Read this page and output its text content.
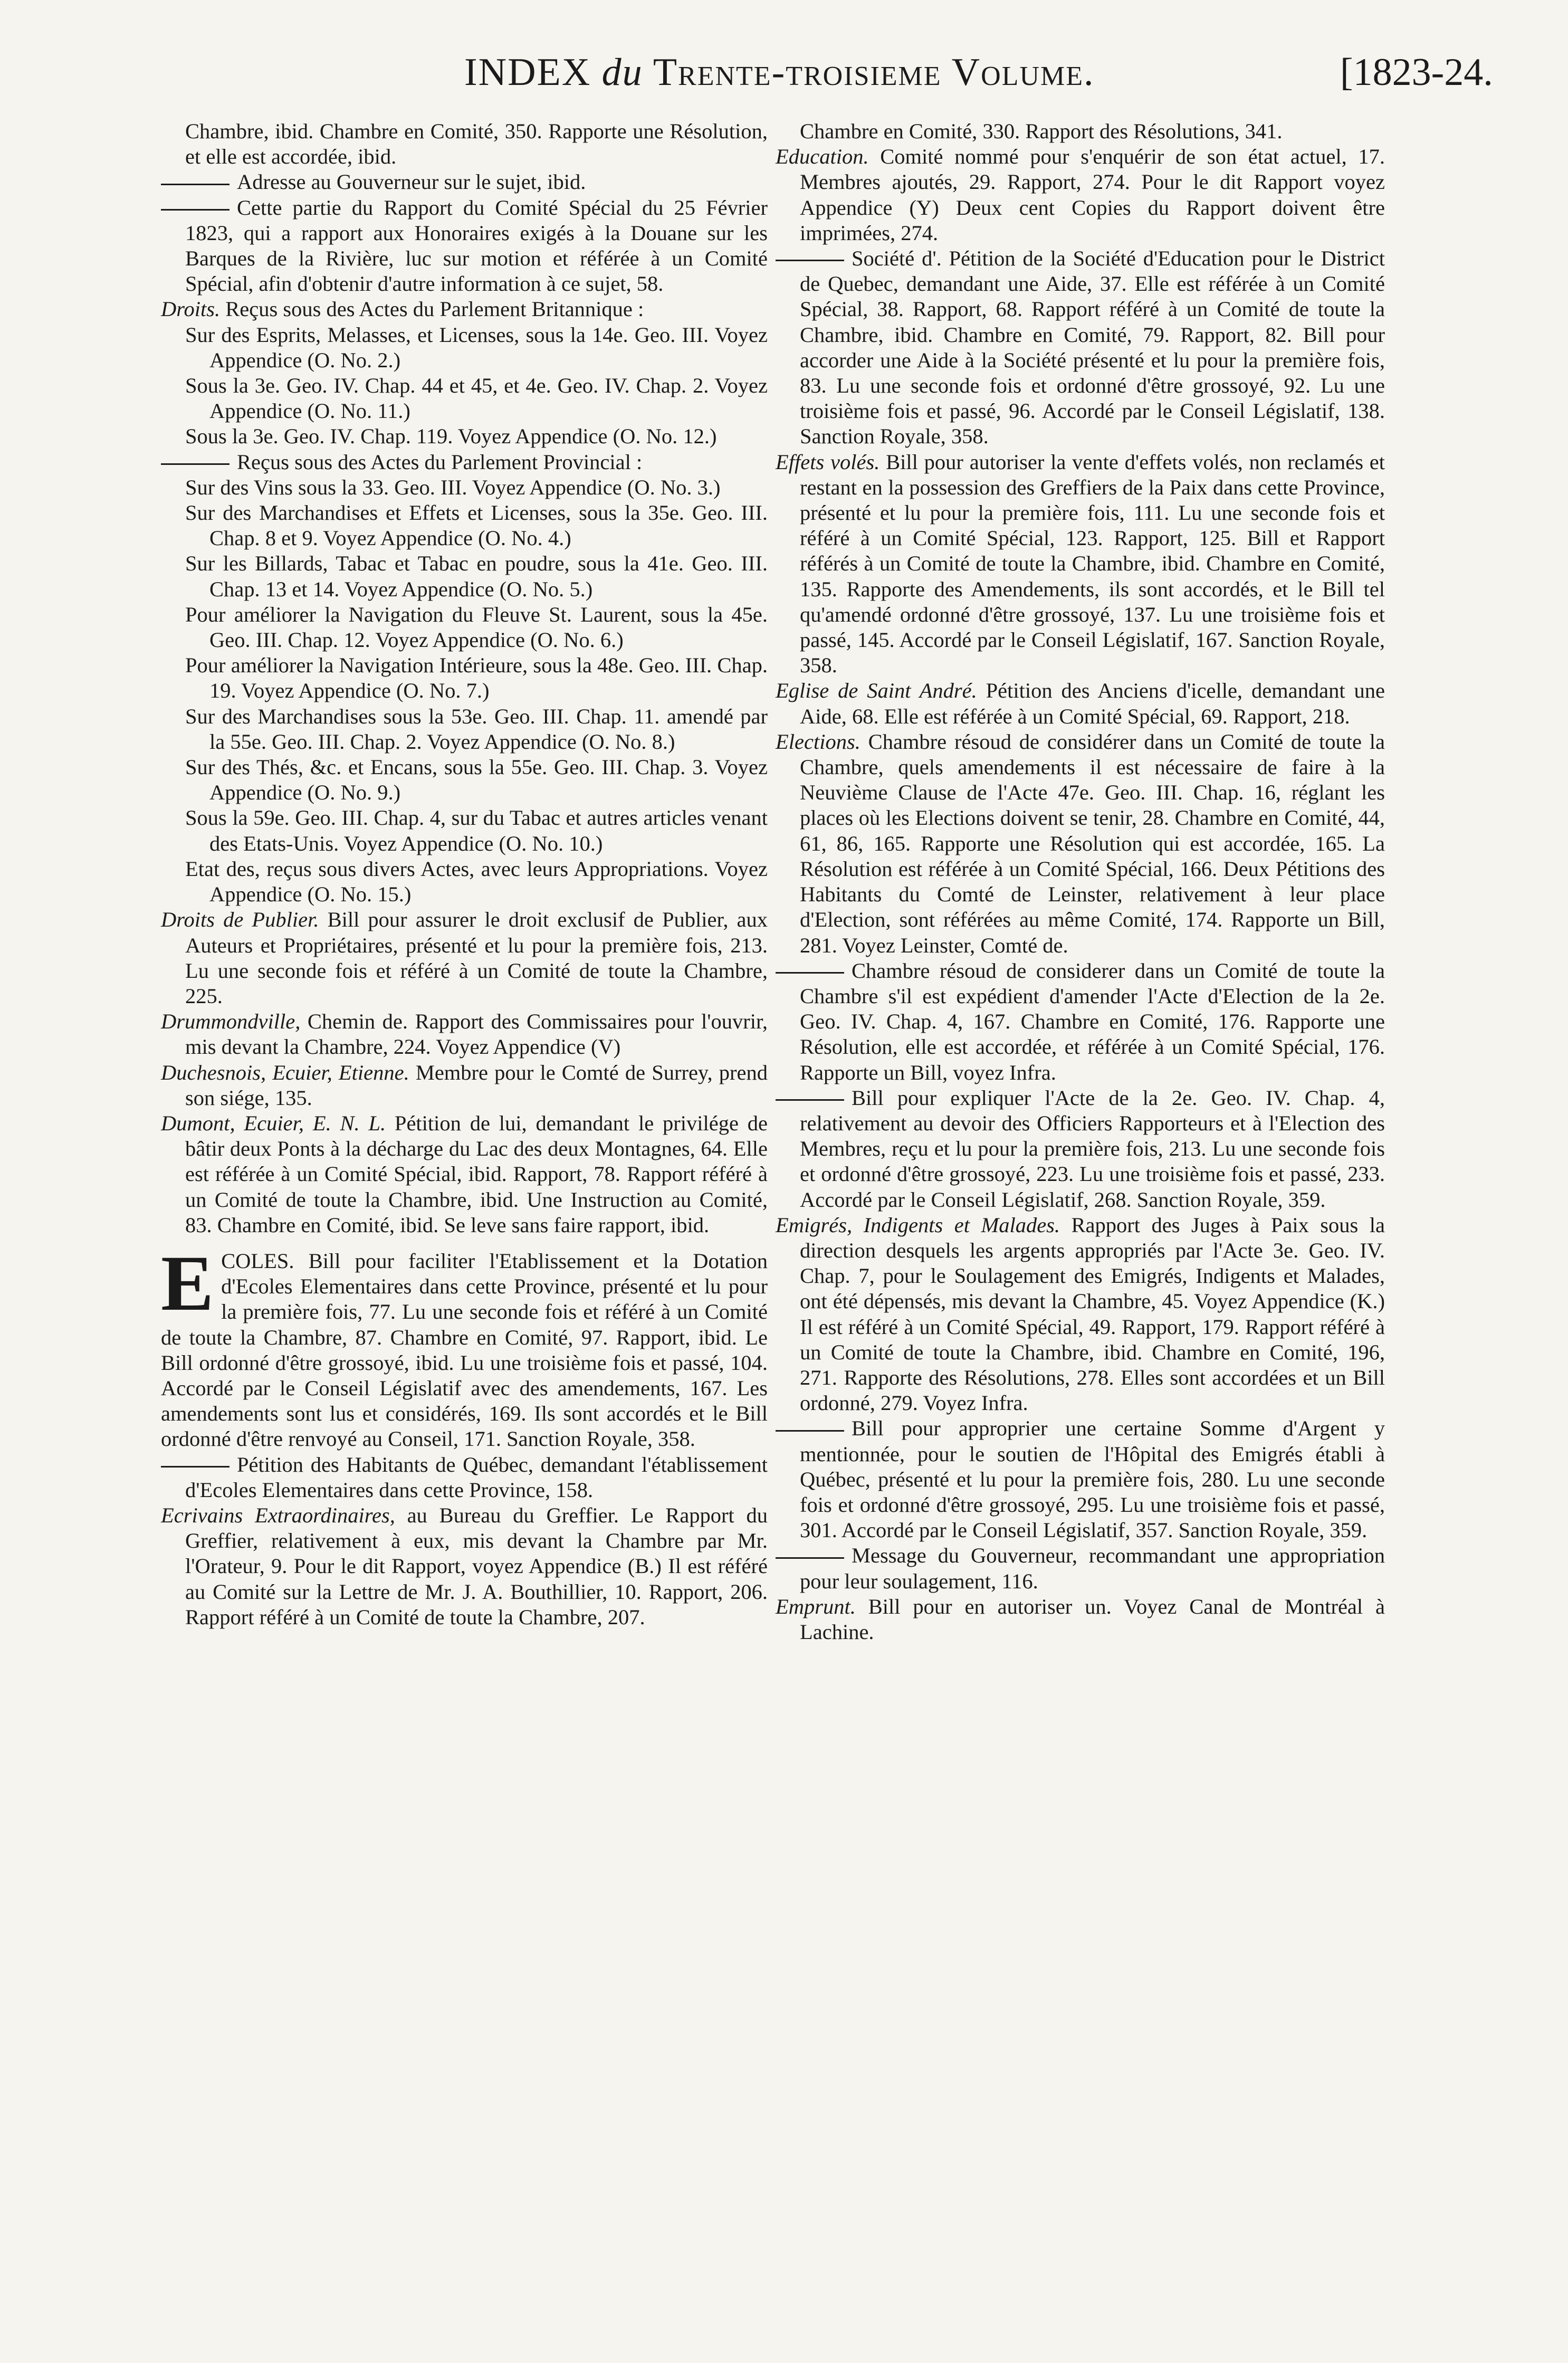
INDEX du Trente-troisieme Volume.	[1823-24.

Chambre, ibid. Chambre en Comité, 350. Rapporte une Résolution, et elle est accordée, ibid.

Adresse au Gouverneur sur le sujet, ibid.

Cette partie du Rapport du Comité Spécial du 25 Février 1823, qui a rapport aux Honoraires exigés à la Douane sur les Barques de la Rivière, luc sur motion et référée à un Comité Spécial, afin d'obtenir d'autre information à ce sujet, 58.

Droits. Reçus sous des Actes du Parlement Britannique :

Sur des Esprits, Melasses, et Licenses, sous la 14e. Geo. III. Voyez Appendice (O. No. 2.)

Sous la 3e. Geo. IV. Chap. 44 et 45, et 4e. Geo. IV. Chap. 2. Voyez Appendice (O. No. 11.)

Sous la 3e. Geo. IV. Chap. 119. Voyez Appendice (O. No. 12.)

Reçus sous des Actes du Parlement Provincial :

Sur des Vins sous la 33. Geo. III. Voyez Appendice (O. No. 3.)

Sur des Marchandises et Effets et Licenses, sous la 35e. Geo. III. Chap. 8 et 9. Voyez Appendice (O. No. 4.)

Sur les Billards, Tabac et Tabac en poudre, sous la 41e. Geo. III. Chap. 13 et 14. Voyez Appendice (O. No. 5.)

Pour améliorer la Navigation du Fleuve St. Laurent, sous la 45e. Geo. III. Chap. 12. Voyez Appendice (O. No. 6.)

Pour améliorer la Navigation Intérieure, sous la 48e. Geo. III. Chap. 19. Voyez Appendice (O. No. 7.)

Sur des Marchandises sous la 53e. Geo. III. Chap. 11. amendé par la 55e. Geo. III. Chap. 2. Voyez Appendice (O. No. 8.)

Sur des Thés, &c. et Encans, sous la 55e. Geo. III. Chap. 3. Voyez Appendice (O. No. 9.)

Sous la 59e. Geo. III. Chap. 4, sur du Tabac et autres articles venant des Etats-Unis. Voyez Appendice (O. No. 10.)

Etat des, reçus sous divers Actes, avec leurs Appropriations. Voyez Appendice (O. No. 15.)

Droits de Publier. Bill pour assurer le droit exclusif de Publier, aux Auteurs et Propriétaires, présenté et lu pour la première fois, 213. Lu une seconde fois et référé à un Comité de toute la Chambre, 225.

Drummondville, Chemin de. Rapport des Commissaires pour l'ouvrir, mis devant la Chambre, 224. Voyez Appendice (V)

Duchesnois, Ecuier, Etienne. Membre pour le Comté de Surrey, prend son siége, 135.

Dumont, Ecuier, E. N. L. Pétition de lui, demandant le privilége de bâtir deux Ponts à la décharge du Lac des deux Montagnes, 64. Elle est référée à un Comité Spécial, ibid. Rapport, 78. Rapport référé à un Comité de toute la Chambre, ibid. Une Instruction au Comité, 83. Chambre en Comité, ibid. Se leve sans faire rapport, ibid.

E COLES. Bill pour faciliter l'Etablissement et la Dotation d'Ecoles Elementaires dans cette Province, présenté et lu pour la première fois, 77. Lu une seconde fois et référé à un Comité de toute la Chambre, 87. Chambre en Comité, 97. Rapport, ibid. Le Bill ordonné d'être grossoyé, ibid. Lu une troisième fois et passé, 104. Accordé par le Conseil Législatif avec des amendements, 167. Les amendements sont lus et considérés, 169. Ils sont accordés et le Bill ordonné d'être renvoyé au Conseil, 171. Sanction Royale, 358.

Pétition des Habitants de Québec, demandant l'établissement d'Ecoles Elementaires dans cette Province, 158.

Ecrivains Extraordinaires, au Bureau du Greffier. Le Rapport du Greffier, relativement à eux, mis devant la Chambre par Mr. l'Orateur, 9. Pour le dit Rapport, voyez Appendice (B.) Il est référé au Comité sur la Lettre de Mr. J. A. Bouthillier, 10. Rapport, 206. Rapport référé à un Comité de toute la Chambre, 207.

Chambre en Comité, 330. Rapport des Résolutions, 341.

Education. Comité nommé pour s'enquérir de son état actuel, 17. Membres ajoutés, 29. Rapport, 274. Pour le dit Rapport voyez Appendice (Y) Deux cent Copies du Rapport doivent être imprimées, 274.

Société d'. Pétition de la Société d'Education pour le District de Quebec, demandant une Aide, 37. Elle est référée à un Comité Spécial, 38. Rapport, 68. Rapport référé à un Comité de toute la Chambre, ibid. Chambre en Comité, 79. Rapport, 82. Bill pour accorder une Aide à la Société présenté et lu pour la première fois, 83. Lu une seconde fois et ordonné d'être grossoyé, 92. Lu une troisième fois et passé, 96. Accordé par le Conseil Législatif, 138. Sanction Royale, 358.

Effets volés. Bill pour autoriser la vente d'effets volés, non reclamés et restant en la possession des Greffiers de la Paix dans cette Province, présenté et lu pour la première fois, 111. Lu une seconde fois et référé à un Comité Spécial, 123. Rapport, 125. Bill et Rapport référés à un Comité de toute la Chambre, ibid. Chambre en Comité, 135. Rapporte des Amendements, ils sont accordés, et le Bill tel qu'amendé ordonné d'être grossoyé, 137. Lu une troisième fois et passé, 145. Accordé par le Conseil Législatif, 167. Sanction Royale, 358.

Eglise de Saint André. Pétition des Anciens d'icelle, demandant une Aide, 68. Elle est référée à un Comité Spécial, 69. Rapport, 218.

Elections. Chambre résoud de considérer dans un Comité de toute la Chambre, quels amendements il est nécessaire de faire à la Neuvième Clause de l'Acte 47e. Geo. III. Chap. 16, réglant les places où les Elections doivent se tenir, 28. Chambre en Comité, 44, 61, 86, 165. Rapporte une Résolution qui est accordée, 165. La Résolution est référée à un Comité Spécial, 166. Deux Pétitions des Habitants du Comté de Leinster, relativement à leur place d'Election, sont référées au même Comité, 174. Rapporte un Bill, 281. Voyez Leinster, Comté de.

Chambre résoud de considerer dans un Comité de toute la Chambre s'il est expédient d'amender l'Acte d'Election de la 2e. Geo. IV. Chap. 4, 167. Chambre en Comité, 176. Rapporte une Résolution, elle est accordée, et référée à un Comité Spécial, 176. Rapporte un Bill, voyez Infra.

Bill pour expliquer l'Acte de la 2e. Geo. IV. Chap. 4, relativement au devoir des Officiers Rapporteurs et à l'Election des Membres, reçu et lu pour la première fois, 213. Lu une seconde fois et ordonné d'être grossoyé, 223. Lu une troisième fois et passé, 233. Accordé par le Conseil Législatif, 268. Sanction Royale, 359.

Emigrés, Indigents et Malades. Rapport des Juges à Paix sous la direction desquels les argents appropriés par l'Acte 3e. Geo. IV. Chap. 7, pour le Soulagement des Emigrés, Indigents et Malades, ont été dépensés, mis devant la Chambre, 45. Voyez Appendice (K.) Il est référé à un Comité Spécial, 49. Rapport, 179. Rapport référé à un Comité de toute la Chambre, ibid. Chambre en Comité, 196, 271. Rapporte des Résolutions, 278. Elles sont accordées et un Bill ordonné, 279. Voyez Infra.

Bill pour approprier une certaine Somme d'Argent y mentionnée, pour le soutien de l'Hôpital des Emigrés établi à Québec, présenté et lu pour la première fois, 280. Lu une seconde fois et ordonné d'être grossoyé, 295. Lu une troisième fois et passé, 301. Accordé par le Conseil Législatif, 357. Sanction Royale, 359.

Message du Gouverneur, recommandant une appropriation pour leur soulagement, 116.

Emprunt. Bill pour en autoriser un. Voyez Canal de Montréal à Lachine.
